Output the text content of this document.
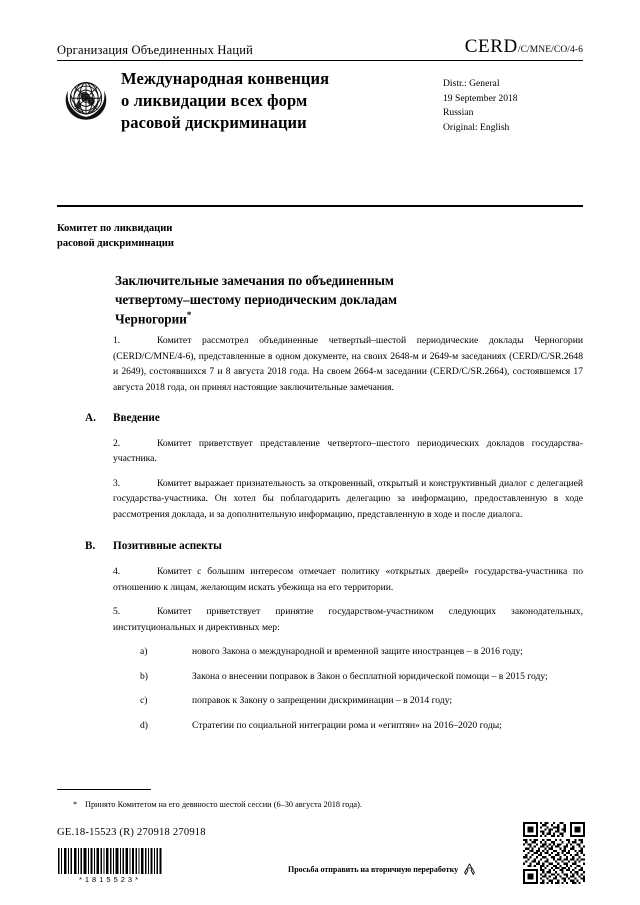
Организация Объединенных Наций	CERD /C/MNE/CO/4-6
Международная конвенция
о ликвидации всех форм
расовой дискриминации
Distr.: General
19 September 2018
Russian
Original: English
Комитет по ликвидации
расовой дискриминации
Заключительные замечания по объединенным
четвертому–шестому периодическим докладам
Черногории*

1.	Комитет рассмотрел объединенные четвертый–шестой периодические доклады Черногории (CERD/C/MNE/4-6), представленные в одном документе, на своих 2648-м и 2649-м заседаниях (CERD/C/SR.2648 и 2649), состоявшихся 7 и 8 августа 2018 года. На своем 2664-м заседании (CERD/C/SR.2664), состоявшемся 17 августа 2018 года, он принял настоящие заключительные замечания.

A. Введение

2.	Комитет приветствует представление четвертого–шестого периодических докладов государства-участника.

3.	Комитет выражает признательность за откровенный, открытый и конструктивный диалог с делегацией государства-участника. Он хотел бы поблагодарить делегацию за информацию, предоставленную в ходе рассмотрения доклада, и за дополнительную информацию, представленную в ходе и после диалога.

B. Позитивные аспекты

4.	Комитет с большим интересом отмечает политику «открытых дверей» государства-участника по отношению к лицам, желающим искать убежища на его территории.

5.	Комитет приветствует принятие государством-участником следующих законодательных, институциональных и директивных мер:

a)	нового Закона о международной и временной защите иностранцев – в 2016 году;

b)	Закона о внесении поправок в Закон о бесплатной юридической помощи – в 2015 году;

c)	поправок к Закону о запрещении дискриминации – в 2014 году;

d)	Стратегии по социальной интеграции рома и «египтян» на 2016–2020 годы;

* Принято Комитетом на его девяносто шестой сессии (6–30 августа 2018 года).
GE.18-15523 (R) 270918 270918
*1815523*
Просьба отправить на вторичную переработку
